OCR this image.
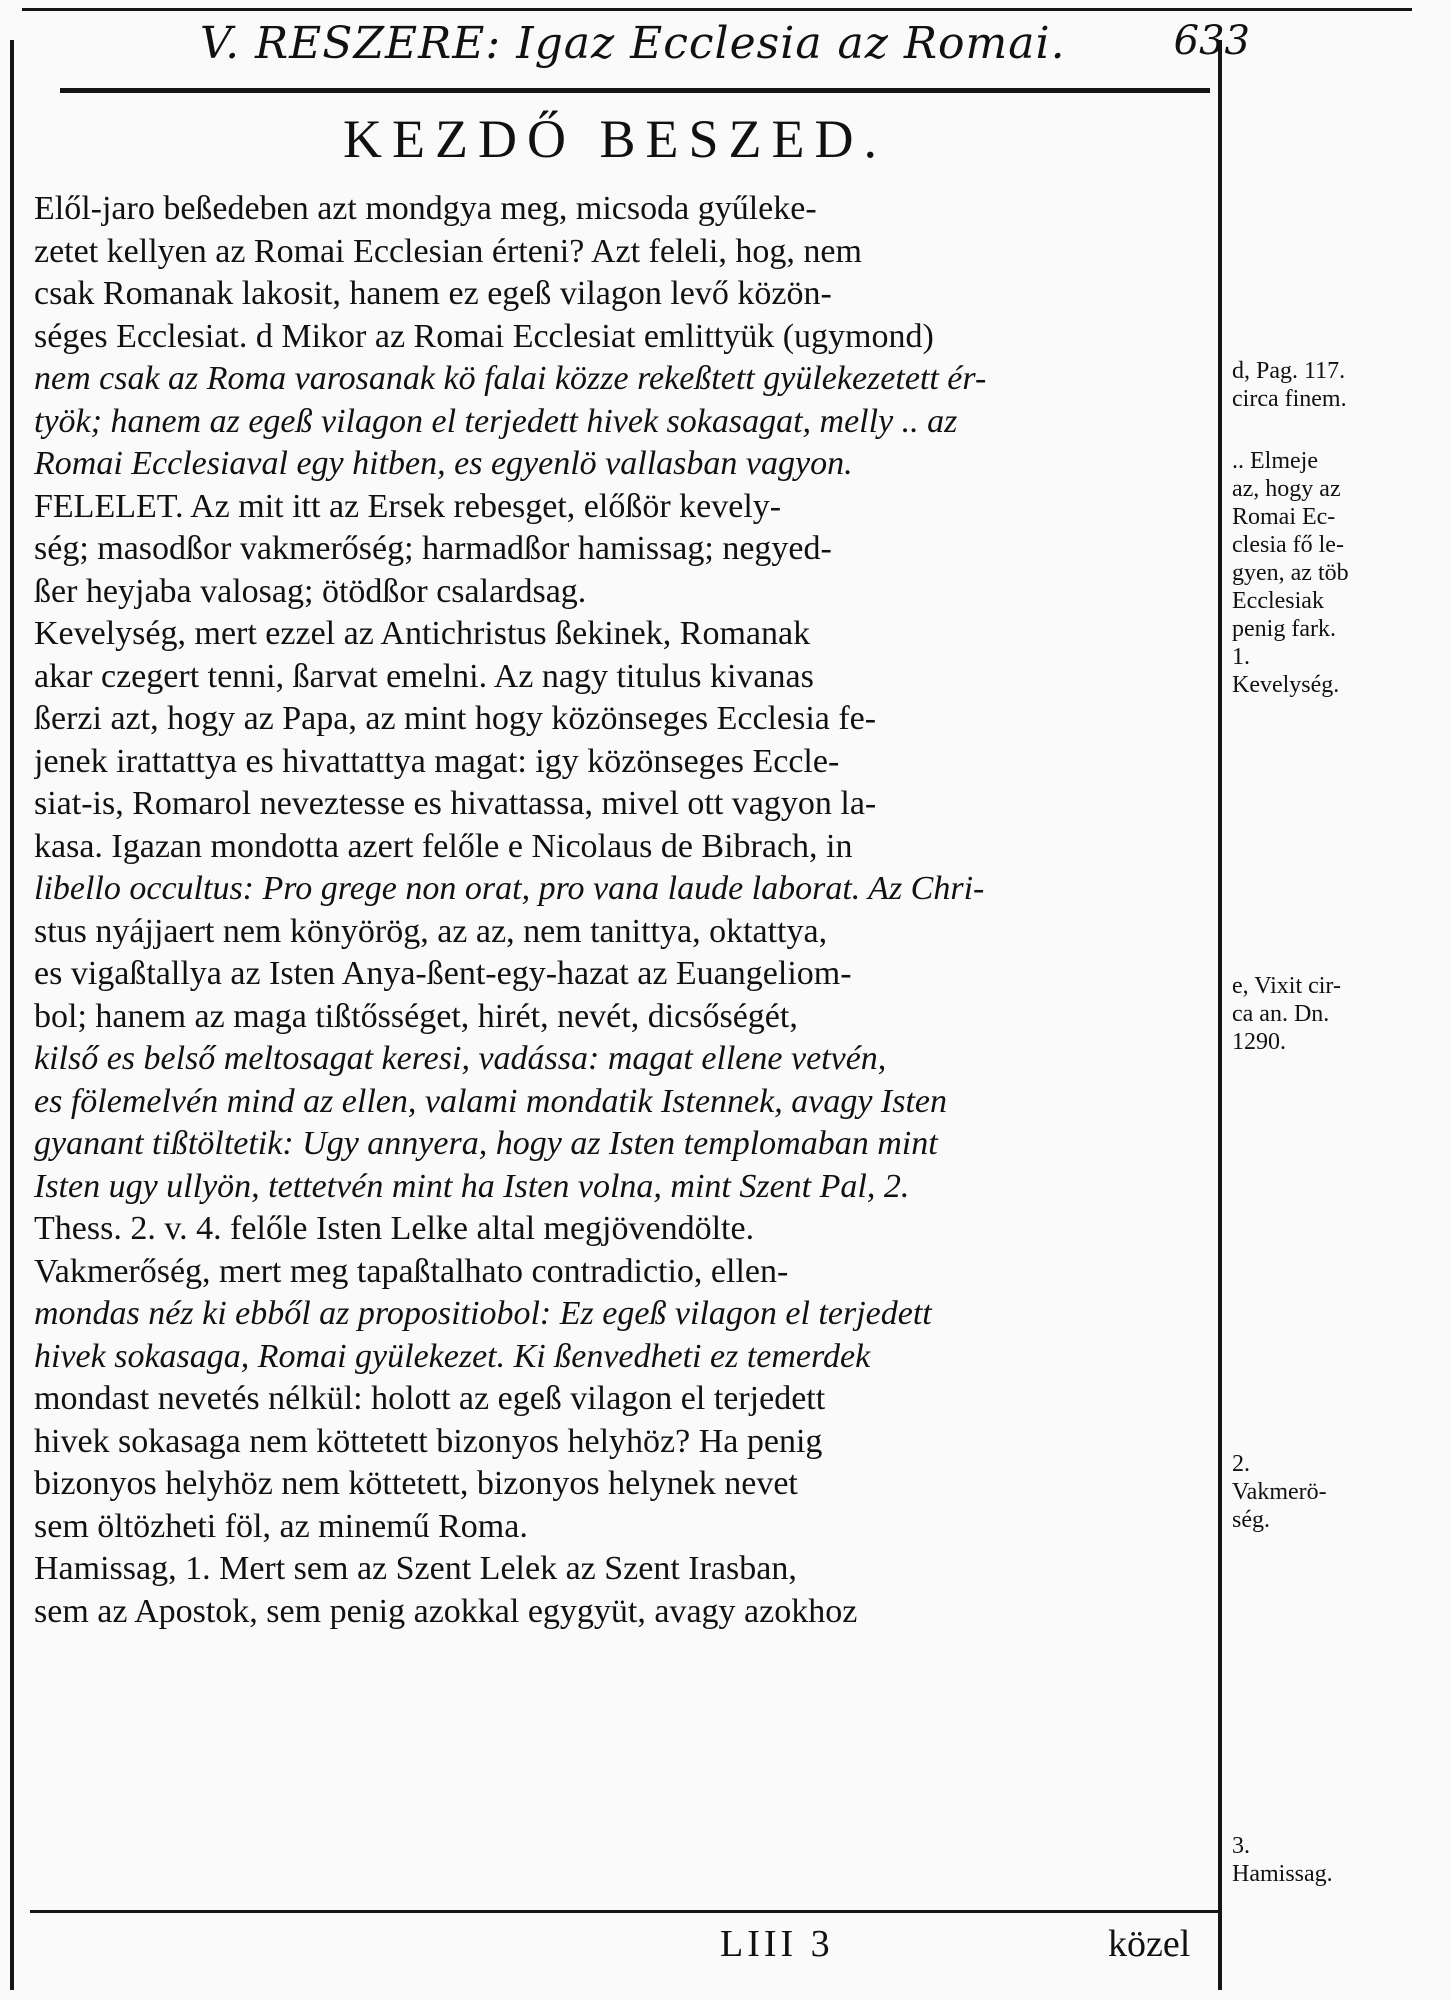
V. RESZERE: Igaz Ecclesia az Romai.	633
KEZDŐ BESZED.
Elől-jaro beßedeben azt mondgya meg, micsoda gyűleke-
zetet kellyen az Romai Ecclesian érteni? Azt feleli, hog, nem
csak Romanak lakosit, hanem ez egeß vilagon levő közön-
séges Ecclesiat. d Mikor az Romai Ecclesiat emlittyük (ugymond)
nem csak az Roma varosanak kö falai közze rekeßtett gyülekezetett ér-
työk; hanem az egeß vilagon el terjedett hivek sokasagat, melly .. az
Romai Ecclesiaval egy hitben, es egyenlö vallasban vagyon.
FELELET. Az mit itt az Ersek rebesget, előßör kevely-
ség; masodßor vakmerőség; harmadßor hamissag; negyed-
ßer heyjaba valosag; ötödßor csalardsag.
Kevelység, mert ezzel az Antichristus ßekinek, Romanak
akar czegert tenni, ßarvat emelni. Az nagy titulus kivanas
ßerzi azt, hogy az Papa, az mint hogy közönseges Ecclesia fe-
jenek irattattya es hivattattya magat: igy közönseges Eccle-
siat-is, Romarol neveztesse es hivattassa, mivel ott vagyon la-
kasa. Igazan mondotta azert felőle e Nicolaus de Bibrach, in
libello occultus: Pro grege non orat, pro vana laude laborat. Az Chri-
stus nyájjaert nem könyörög, az az, nem tanittya, oktattya,
es vigaßtallya az Isten Anya-ßent-egy-hazat az Euangeliom-
bol; hanem az maga tißtősséget, hirét, nevét, dicsőségét,
kilső es belső meltosagat keresi, vadássa: magat ellene vetvén,
es fölemelvén mind az ellen, valami mondatik Istennek, avagy Isten
gyanant tißtöltetik: Ugy annyera, hogy az Isten templomaban mint
Isten ugy ullyön, tettetvén mint ha Isten volna, mint Szent Pal, 2.
Thess. 2. v. 4. felőle Isten Lelke altal megjövendölte.
Vakmerőség, mert meg tapaßtalhato contradictio, ellen-
mondas néz ki ebből az propositiobol: Ez egeß vilagon el terjedett
hivek sokasaga, Romai gyülekezet. Ki ßenvedheti ez temerdek
mondast nevetés nélkül: holott az egeß vilagon el terjedett
hivek sokasaga nem köttetett bizonyos helyhöz? Ha penig
bizonyos helyhöz nem köttetett, bizonyos helynek nevet
sem öltözheti föl, az minemű Roma.
Hamissag, 1. Mert sem az Szent Lelek az Szent Irasban,
sem az Apostok, sem penig azokkal egygyüt, avagy azokhoz
d, Pag. 117.
circa finem.
.. Elmeje
az, hogy az
Romai Ec-
clesia fő le-
gyen, az töb
Ecclesiak
penig fark.
1.
Kevelység.
e, Vixit cir-
ca an. Dn.
1290.
2.
Vakmerö-
ség.
3.
Hamissag.
LIII 3	közel
